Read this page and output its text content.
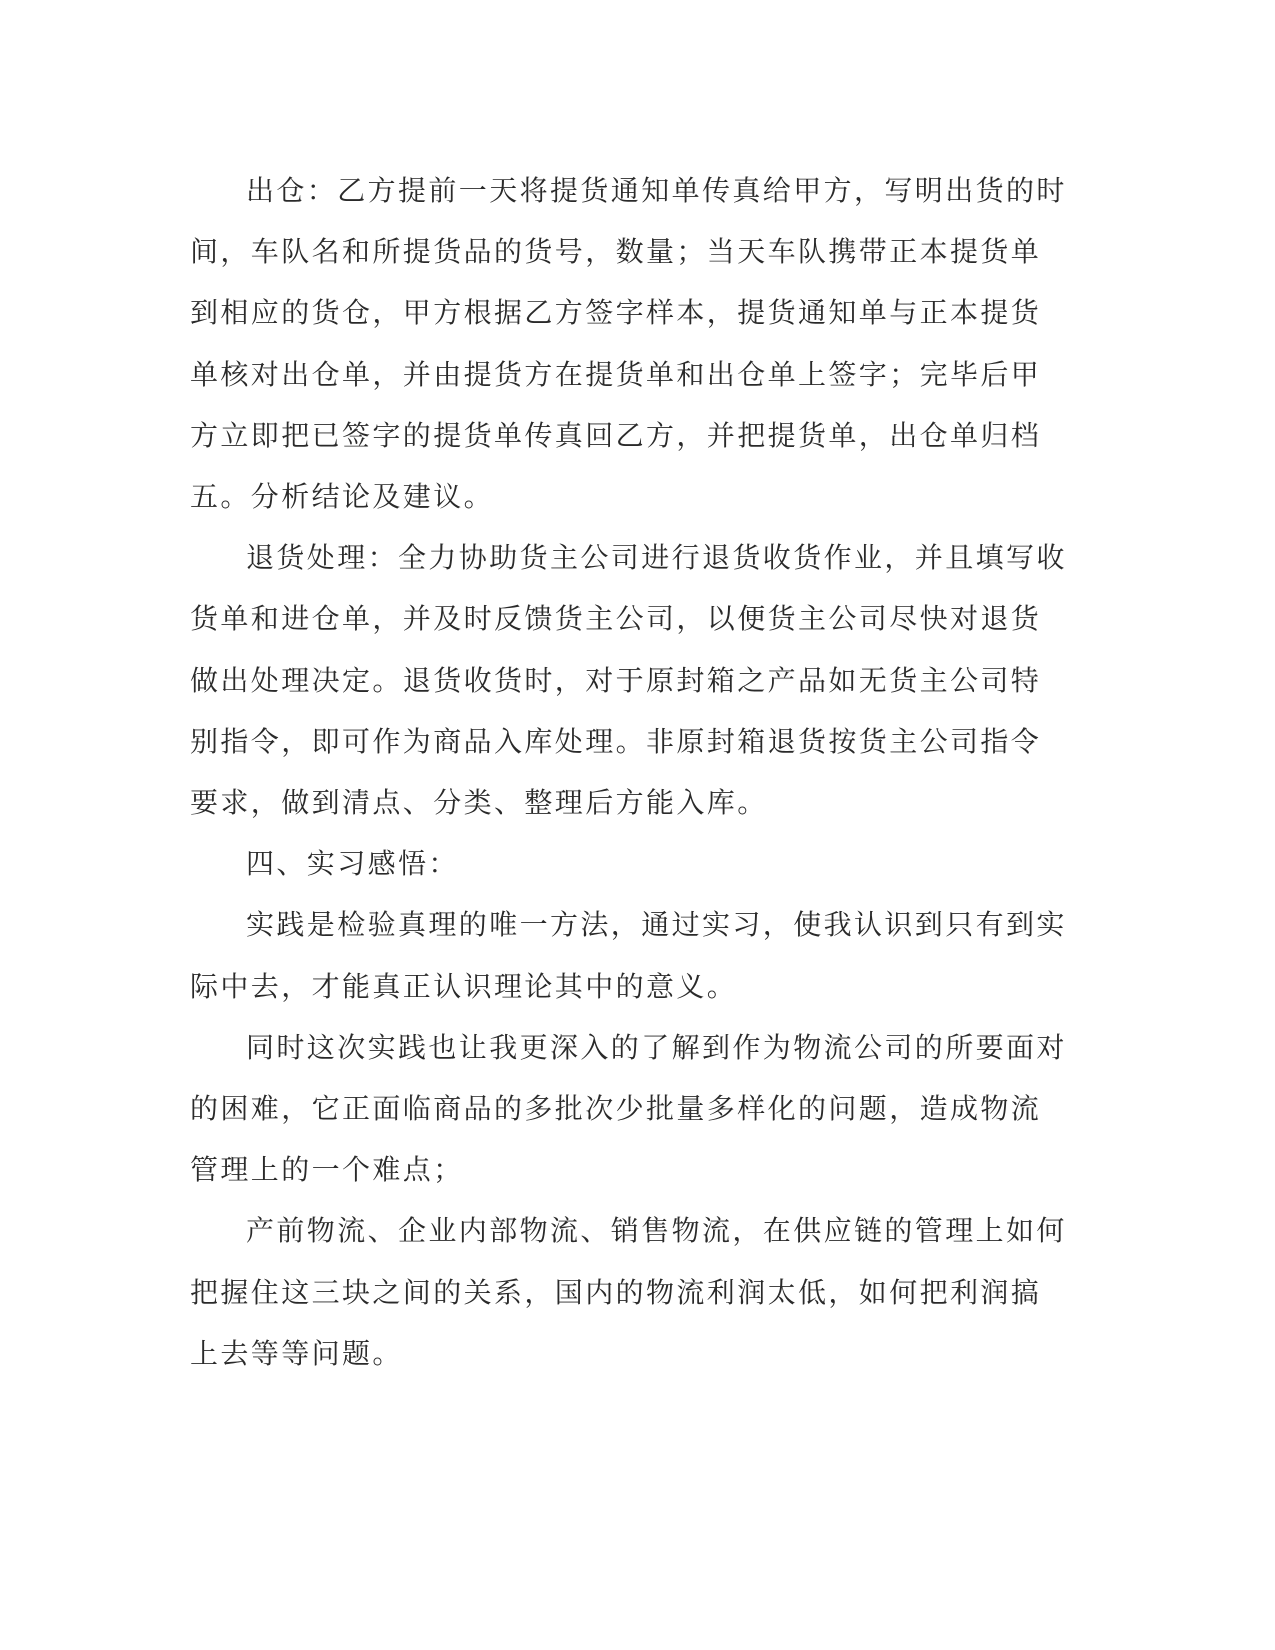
出仓：乙方提前一天将提货通知单传真给甲方，写明出货的时间，车队名和所提货品的货号，数量；当天车队携带正本提货单到相应的货仓，甲方根据乙方签字样本，提货通知单与正本提货单核对出仓单，并由提货方在提货单和出仓单上签字；完毕后甲方立即把已签字的提货单传真回乙方，并把提货单，出仓单归档五。分析结论及建议。

退货处理：全力协助货主公司进行退货收货作业，并且填写收货单和进仓单，并及时反馈货主公司，以便货主公司尽快对退货做出处理决定。退货收货时，对于原封箱之产品如无货主公司特别指令，即可作为商品入库处理。非原封箱退货按货主公司指令要求，做到清点、分类、整理后方能入库。

四、实习感悟：

实践是检验真理的唯一方法，通过实习，使我认识到只有到实际中去，才能真正认识理论其中的意义。

同时这次实践也让我更深入的了解到作为物流公司的所要面对的困难，它正面临商品的多批次少批量多样化的问题，造成物流管理上的一个难点；

产前物流、企业内部物流、销售物流，在供应链的管理上如何把握住这三块之间的关系，国内的物流利润太低，如何把利润搞上去等等问题。
